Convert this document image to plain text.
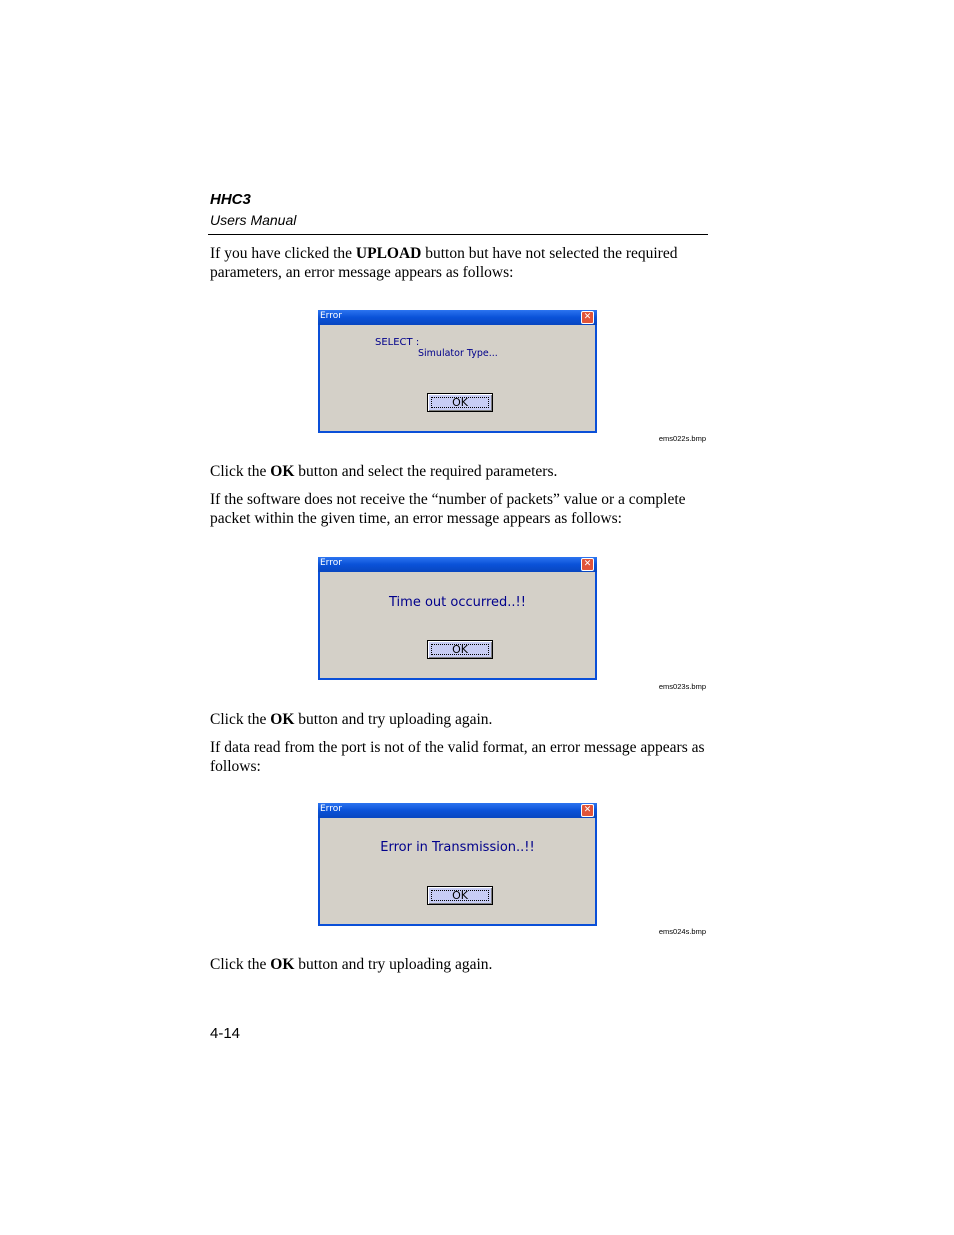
HHC3
Users Manual

If you have clicked the UPLOAD button but have not selected the required parameters, an error message appears as follows:

Error	✕
SELECT :
Simulator Type...
OK
ems022s.bmp

Click the OK button and select the required parameters.

If the software does not receive the “number of packets” value or a complete packet within the given time, an error message appears as follows:

Error	✕
Time out occurred..!!
OK
ems023s.bmp

Click the OK button and try uploading again.

If data read from the port is not of the valid format, an error message appears as follows:

Error	✕
Error in Transmission..!!
OK
ems024s.bmp

Click the OK button and try uploading again.

4-14
